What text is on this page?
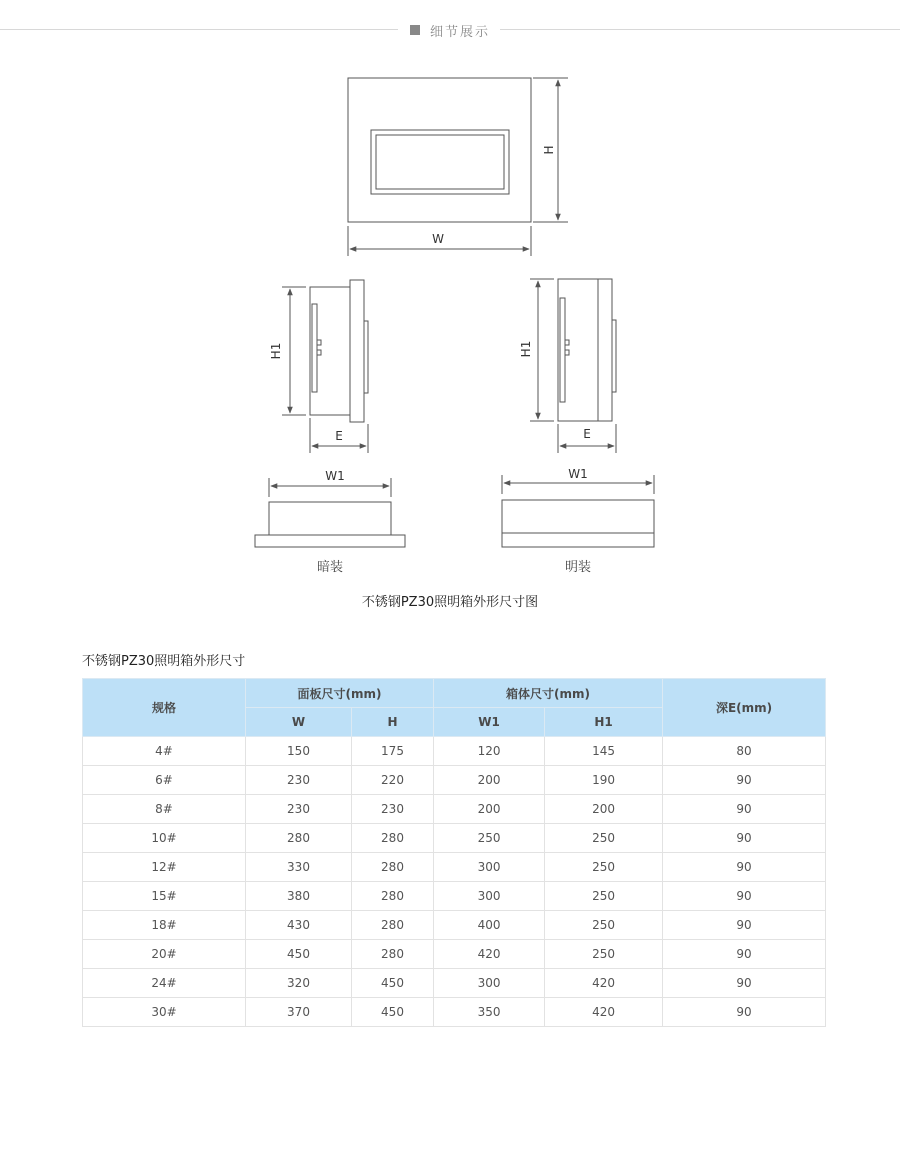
细节展示
W
H
H1
E
H1
E
W1	W1
暗装	明装
不锈钢PZ30照明箱外形尺寸图
不锈钢PZ30照明箱外形尺寸
规格	面板尺寸(mm)		箱体尺寸(mm)		深E(mm)
	W	H	W1	H1	
4#	150	175	120	145	80
6#	230	220	200	190	90
8#	230	230	200	200	90
10#	280	280	250	250	90
12#	330	280	300	250	90
15#	380	280	300	250	90
18#	430	280	400	250	90
20#	450	280	420	250	90
24#	320	450	300	420	90
30#	370	450	350	420	90
